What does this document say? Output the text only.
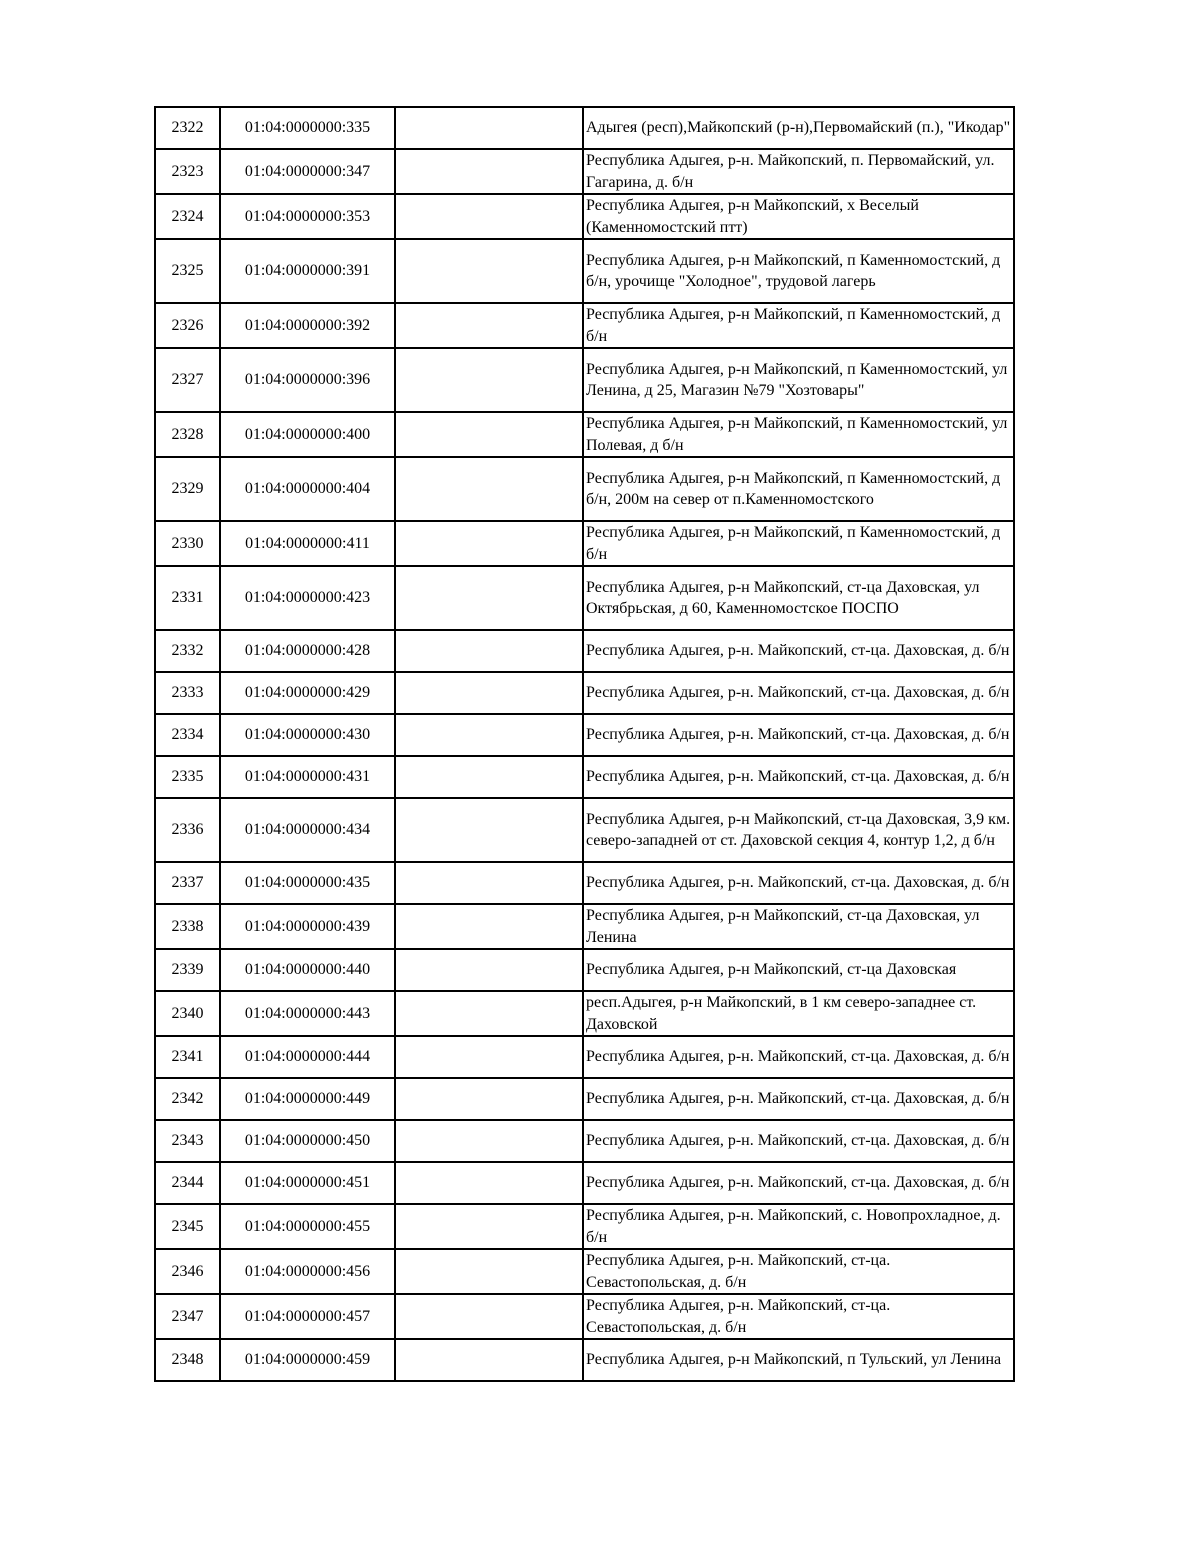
2322	01:04:0000000:335		Адыгея (респ),Майкопский (р-н),Первомайский (п.), "Икодар"
2323	01:04:0000000:347		Республика Адыгея, р-н. Майкопский, п. Первомайский, ул. Гагарина, д. б/н
2324	01:04:0000000:353		Республика Адыгея, р-н Майкопский, х Веселый (Каменномостский птт)
2325	01:04:0000000:391		Республика Адыгея, р-н Майкопский, п Каменномостский, д б/н, урочище "Холодное", трудовой лагерь
2326	01:04:0000000:392		Республика Адыгея, р-н Майкопский, п Каменномостский, д б/н
2327	01:04:0000000:396		Республика Адыгея, р-н Майкопский, п Каменномостский, ул Ленина, д 25, Магазин №79 "Хозтовары"
2328	01:04:0000000:400		Республика Адыгея, р-н Майкопский, п Каменномостский, ул Полевая, д б/н
2329	01:04:0000000:404		Республика Адыгея, р-н Майкопский, п Каменномостский, д б/н, 200м на север от п.Каменномостского
2330	01:04:0000000:411		Республика Адыгея, р-н Майкопский, п Каменномостский, д б/н
2331	01:04:0000000:423		Республика Адыгея, р-н Майкопский, ст-ца Даховская, ул Октябрьская, д 60, Каменномостское ПОСПО
2332	01:04:0000000:428		Республика Адыгея, р-н. Майкопский, ст-ца. Даховская, д. б/н
2333	01:04:0000000:429		Республика Адыгея, р-н. Майкопский, ст-ца. Даховская, д. б/н
2334	01:04:0000000:430		Республика Адыгея, р-н. Майкопский, ст-ца. Даховская, д. б/н
2335	01:04:0000000:431		Республика Адыгея, р-н. Майкопский, ст-ца. Даховская, д. б/н
2336	01:04:0000000:434		Республика Адыгея, р-н Майкопский, ст-ца Даховская, 3,9 км. северо-западней от ст. Даховской секция 4, контур 1,2, д б/н
2337	01:04:0000000:435		Республика Адыгея, р-н. Майкопский, ст-ца. Даховская, д. б/н
2338	01:04:0000000:439		Республика Адыгея, р-н Майкопский, ст-ца Даховская, ул Ленина
2339	01:04:0000000:440		Республика Адыгея, р-н Майкопский, ст-ца Даховская
2340	01:04:0000000:443		респ.Адыгея, р-н Майкопский, в 1 км северо-западнее ст. Даховской
2341	01:04:0000000:444		Республика Адыгея, р-н. Майкопский, ст-ца. Даховская, д. б/н
2342	01:04:0000000:449		Республика Адыгея, р-н. Майкопский, ст-ца. Даховская, д. б/н
2343	01:04:0000000:450		Республика Адыгея, р-н. Майкопский, ст-ца. Даховская, д. б/н
2344	01:04:0000000:451		Республика Адыгея, р-н. Майкопский, ст-ца. Даховская, д. б/н
2345	01:04:0000000:455		Республика Адыгея, р-н. Майкопский, с. Новопрохладное, д. б/н
2346	01:04:0000000:456		Республика Адыгея, р-н. Майкопский, ст-ца. Севастопольская, д. б/н
2347	01:04:0000000:457		Республика Адыгея, р-н. Майкопский, ст-ца. Севастопольская, д. б/н
2348	01:04:0000000:459		Республика Адыгея, р-н Майкопский, п Тульский, ул Ленина
